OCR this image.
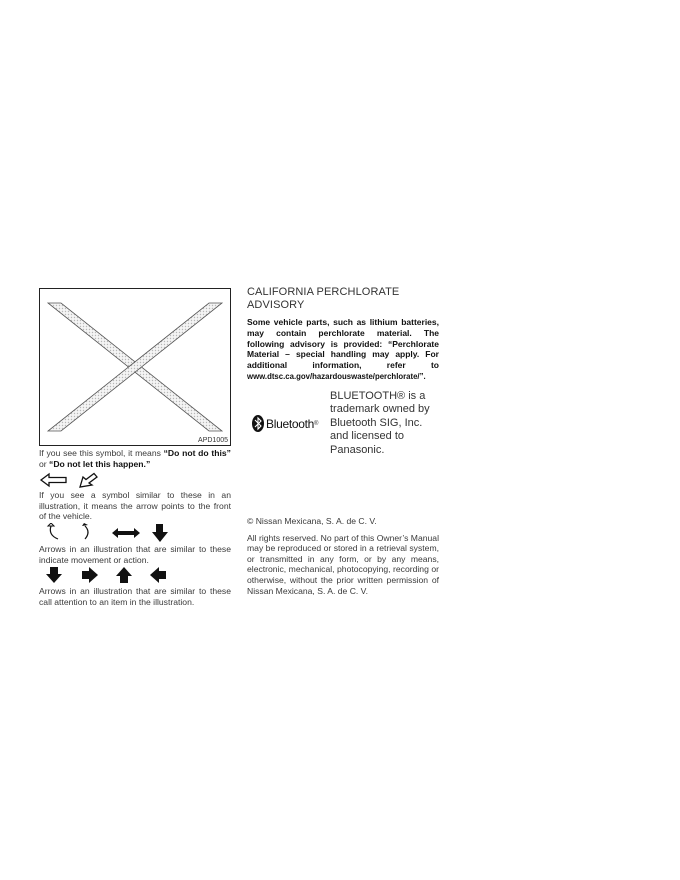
APD1005

If you see this symbol, it means “Do not do this” or “Do not let this happen.”

If you see a symbol similar to these in an illustration, it means the arrow points to the front of the vehicle.

Arrows in an illustration that are similar to these indicate movement or action.

Arrows in an illustration that are similar to these call attention to an item in the illustration.

CALIFORNIA PERCHLORATE
ADVISORY

Some vehicle parts, such as lithium batteries, may contain perchlorate material. The following advisory is provided: “Perchlorate Material – special handling may apply. For additional information, refer to www.dtsc.ca.gov/hazardouswaste/perchlorate/”.

Bluetooth ®

BLUETOOTH® is a trademark owned by Bluetooth SIG, Inc. and licensed to Panasonic.

© Nissan Mexicana, S. A. de C. V.

All rights reserved. No part of this Owner’s Manual may be reproduced or stored in a retrieval system, or transmitted in any form, or by any means, electronic, mechanical, photocopying, recording or otherwise, without the prior written permission of Nissan Mexicana, S. A. de C. V.
